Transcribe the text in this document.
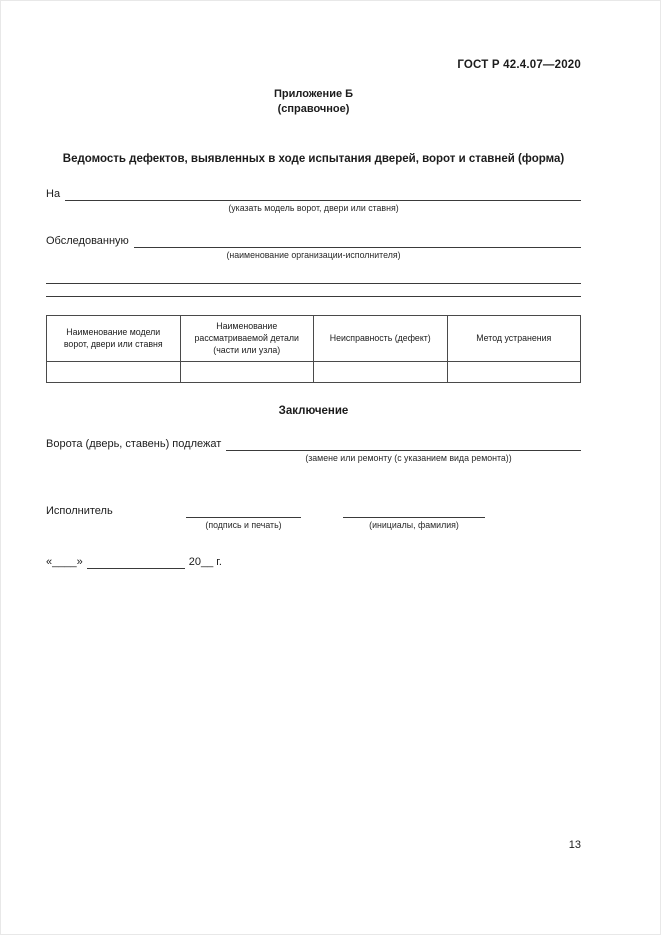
ГОСТ Р 42.4.07—2020
Приложение Б
(справочное)
Ведомость дефектов, выявленных в ходе испытания дверей, ворот и ставней (форма)
На
(указать модель ворот, двери или ставня)
Обследованную
(наименование организации-исполнителя)
Наименование модели ворот, двери или ставня	Наименование рассматриваемой детали (части или узла)	Неисправность (дефект)	Метод устранения

Заключение
Ворота (дверь, ставень) подлежат
(замене или ремонту (с указанием вида ремонта))
Исполнитель
(подпись и печать)	(инициалы, фамилия)
«____»	20__ г.
13
